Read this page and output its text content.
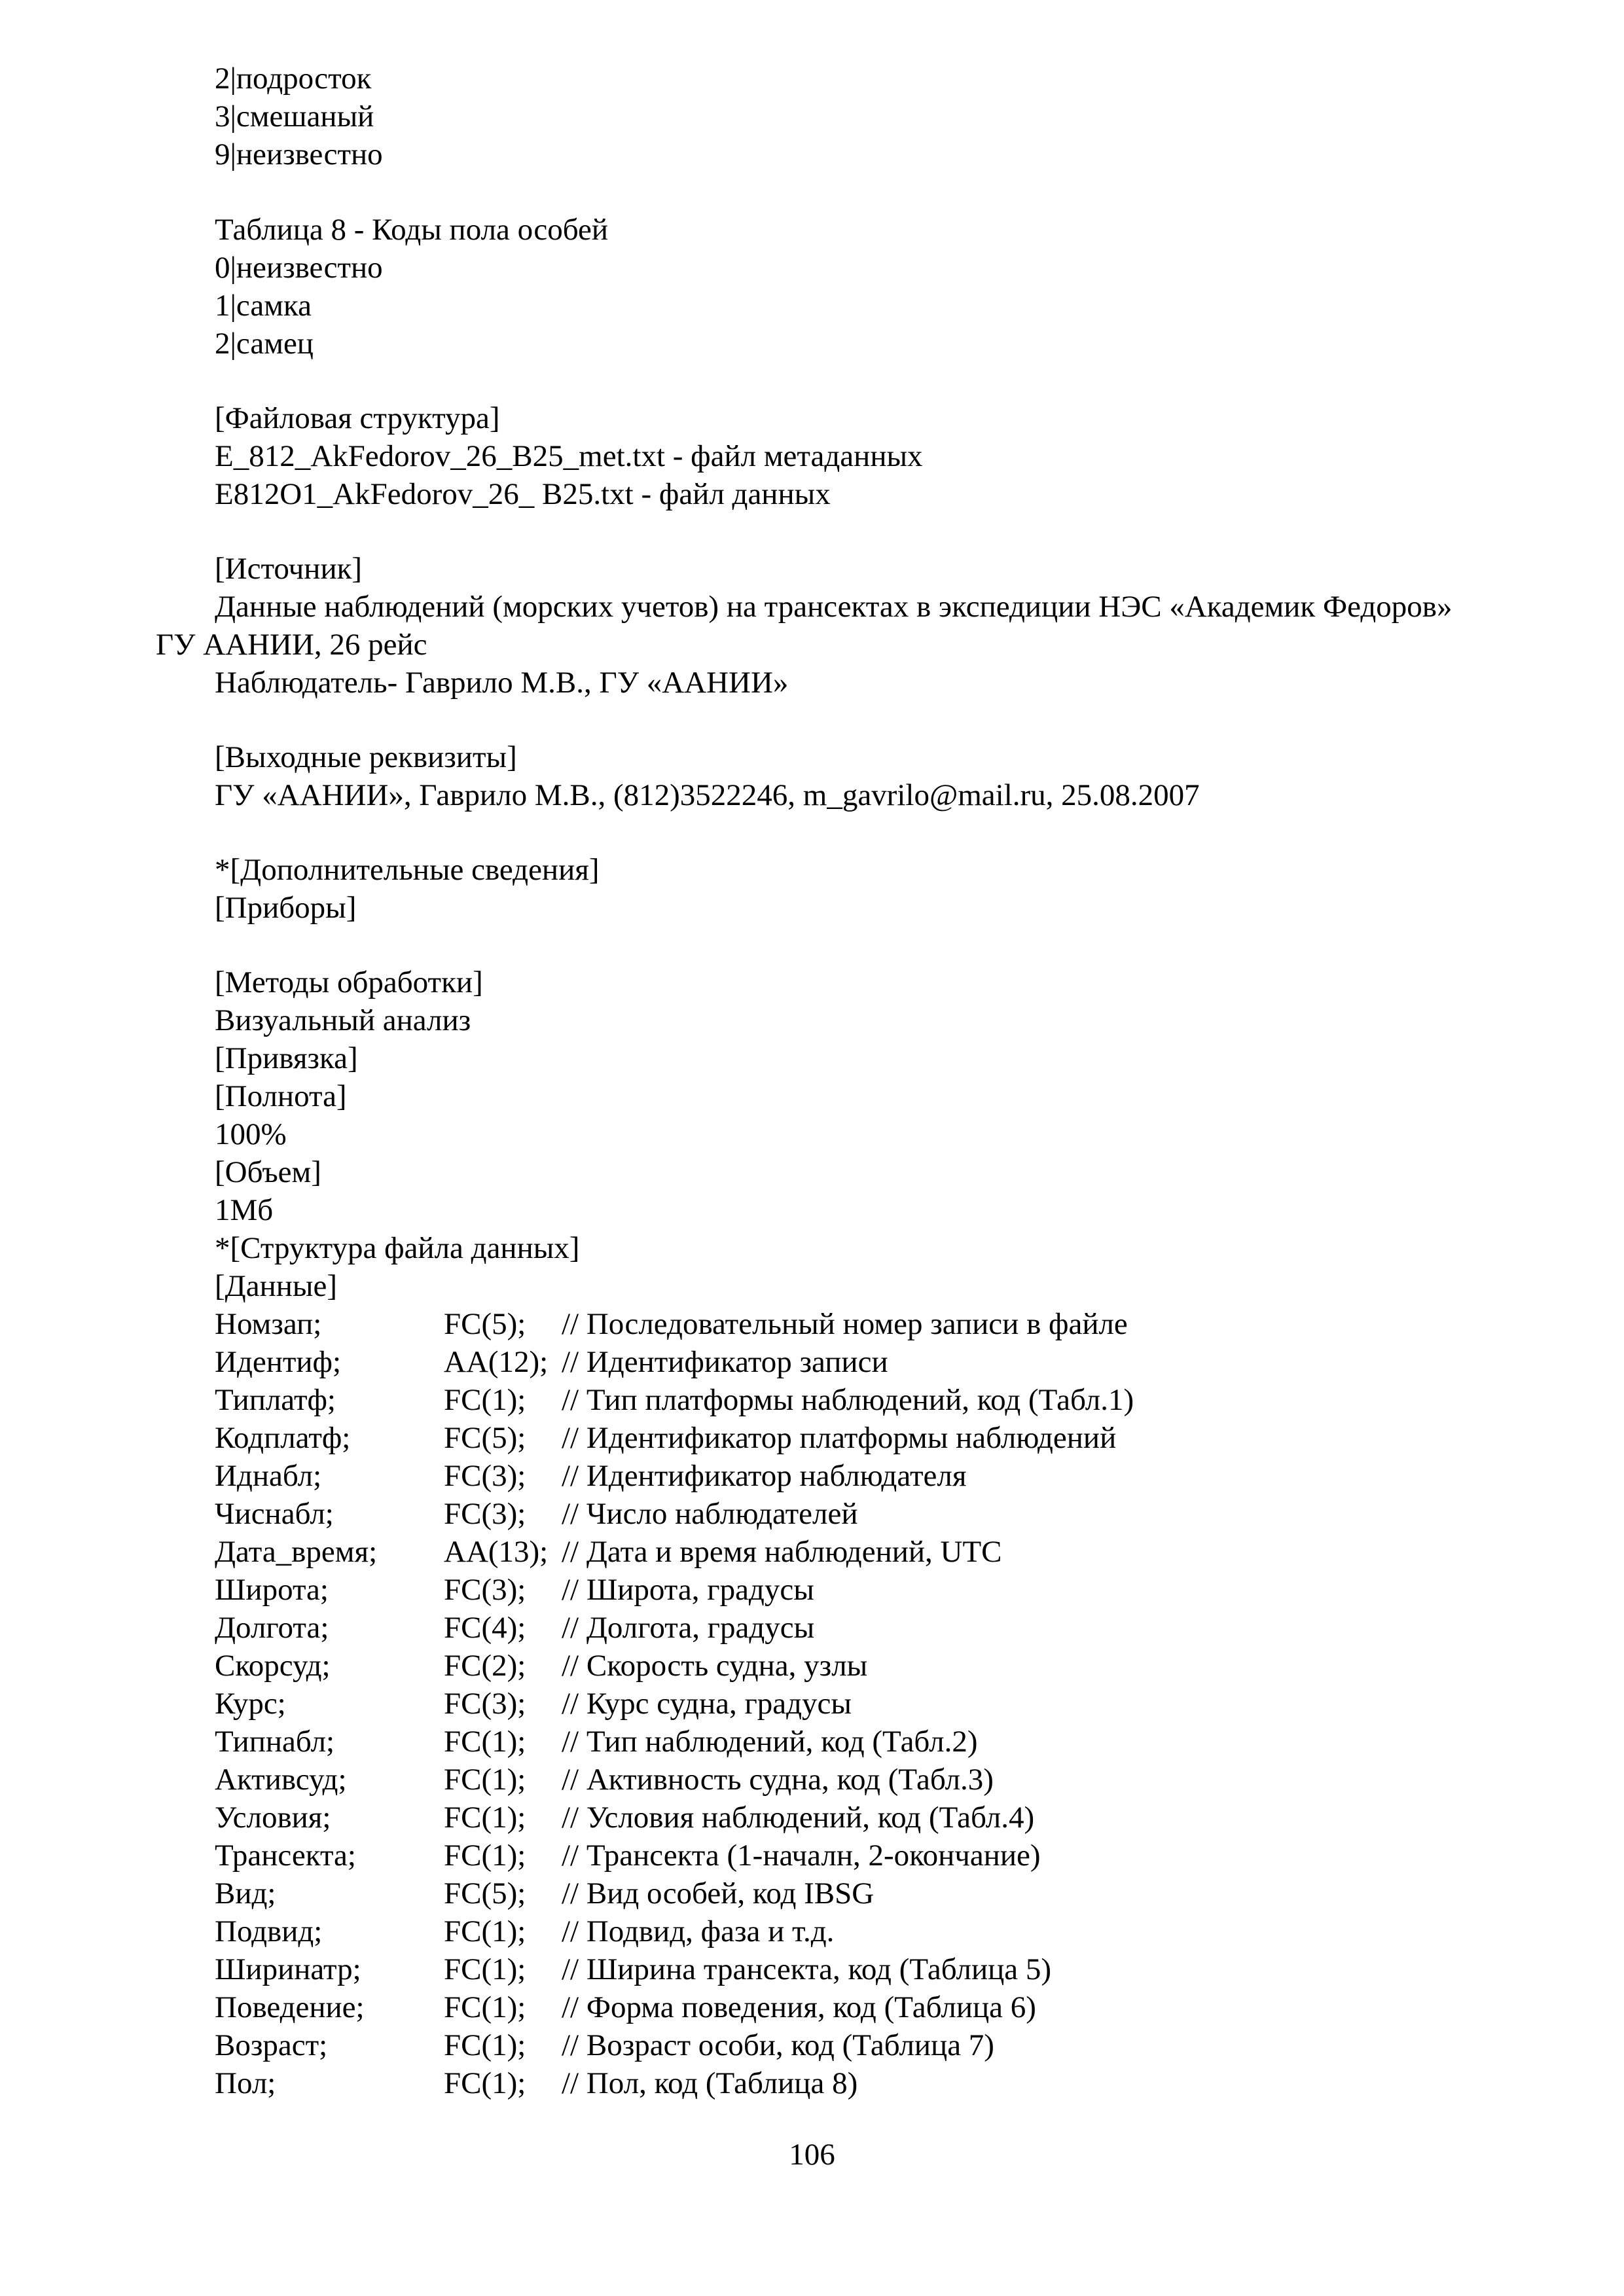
2|подросток
3|смешаный
9|неизвестно
Таблица 8 - Коды пола особей
0|неизвестно
1|самка
2|самец
[Файловая структура]
E_812_AkFedorov_26_B25_met.txt - файл метаданных
E812O1_AkFedorov_26_ B25.txt - файл данных
[Источник]
Данные наблюдений (морских учетов) на трансектах в экспедиции НЭС «Академик Федоров»
ГУ ААНИИ, 26 рейс
Наблюдатель- Гаврило М.В., ГУ «ААНИИ»
[Выходные реквизиты]
ГУ «ААНИИ», Гаврило М.В., (812)3522246, m_gavrilo@mail.ru, 25.08.2007
*[Дополнительные сведения]
[Приборы]
[Методы обработки]
Визуальный анализ
[Привязка]
[Полнота]
100%
[Объем]
1Мб
*[Структура файла данных]
[Данные]
Номзап;	FC(5); // Последовательный номер записи в файле
Идентиф;	AA(12); // Идентификатор записи
Типлатф;	FC(1); // Тип платформы наблюдений, код (Табл.1)
Кодплатф;	FC(5); // Идентификатор платформы наблюдений
Иднабл;	FC(3); // Идентификатор наблюдателя
Чиснабл;	FC(3); // Число наблюдателей
Дата_время; AA(13); // Дата и время наблюдений, UTC
Широта;	FC(3); // Широта, градусы
Долгота;	FC(4); // Долгота, градусы
Скорсуд;	FC(2); // Скорость судна, узлы
Курс;	FC(3); // Курс судна, градусы
Типнабл;	FC(1); // Тип наблюдений, код (Табл.2)
Активсуд;	FC(1); // Активность судна, код (Табл.3)
Условия;	FC(1); // Условия наблюдений, код (Табл.4)
Трансекта;	FC(1); // Трансекта (1-началн, 2-окончание)
Вид;	FC(5); // Вид особей, код IBSG
Подвид;	FC(1); // Подвид, фаза и т.д.
Ширинатр;	FC(1); // Ширина трансекта, код (Таблица 5)
Поведение;	FC(1); // Форма поведения, код (Таблица 6)
Возраст;	FC(1); // Возраст особи, код (Таблица 7)
Пол;	FC(1); // Пол, код (Таблица 8)
106
